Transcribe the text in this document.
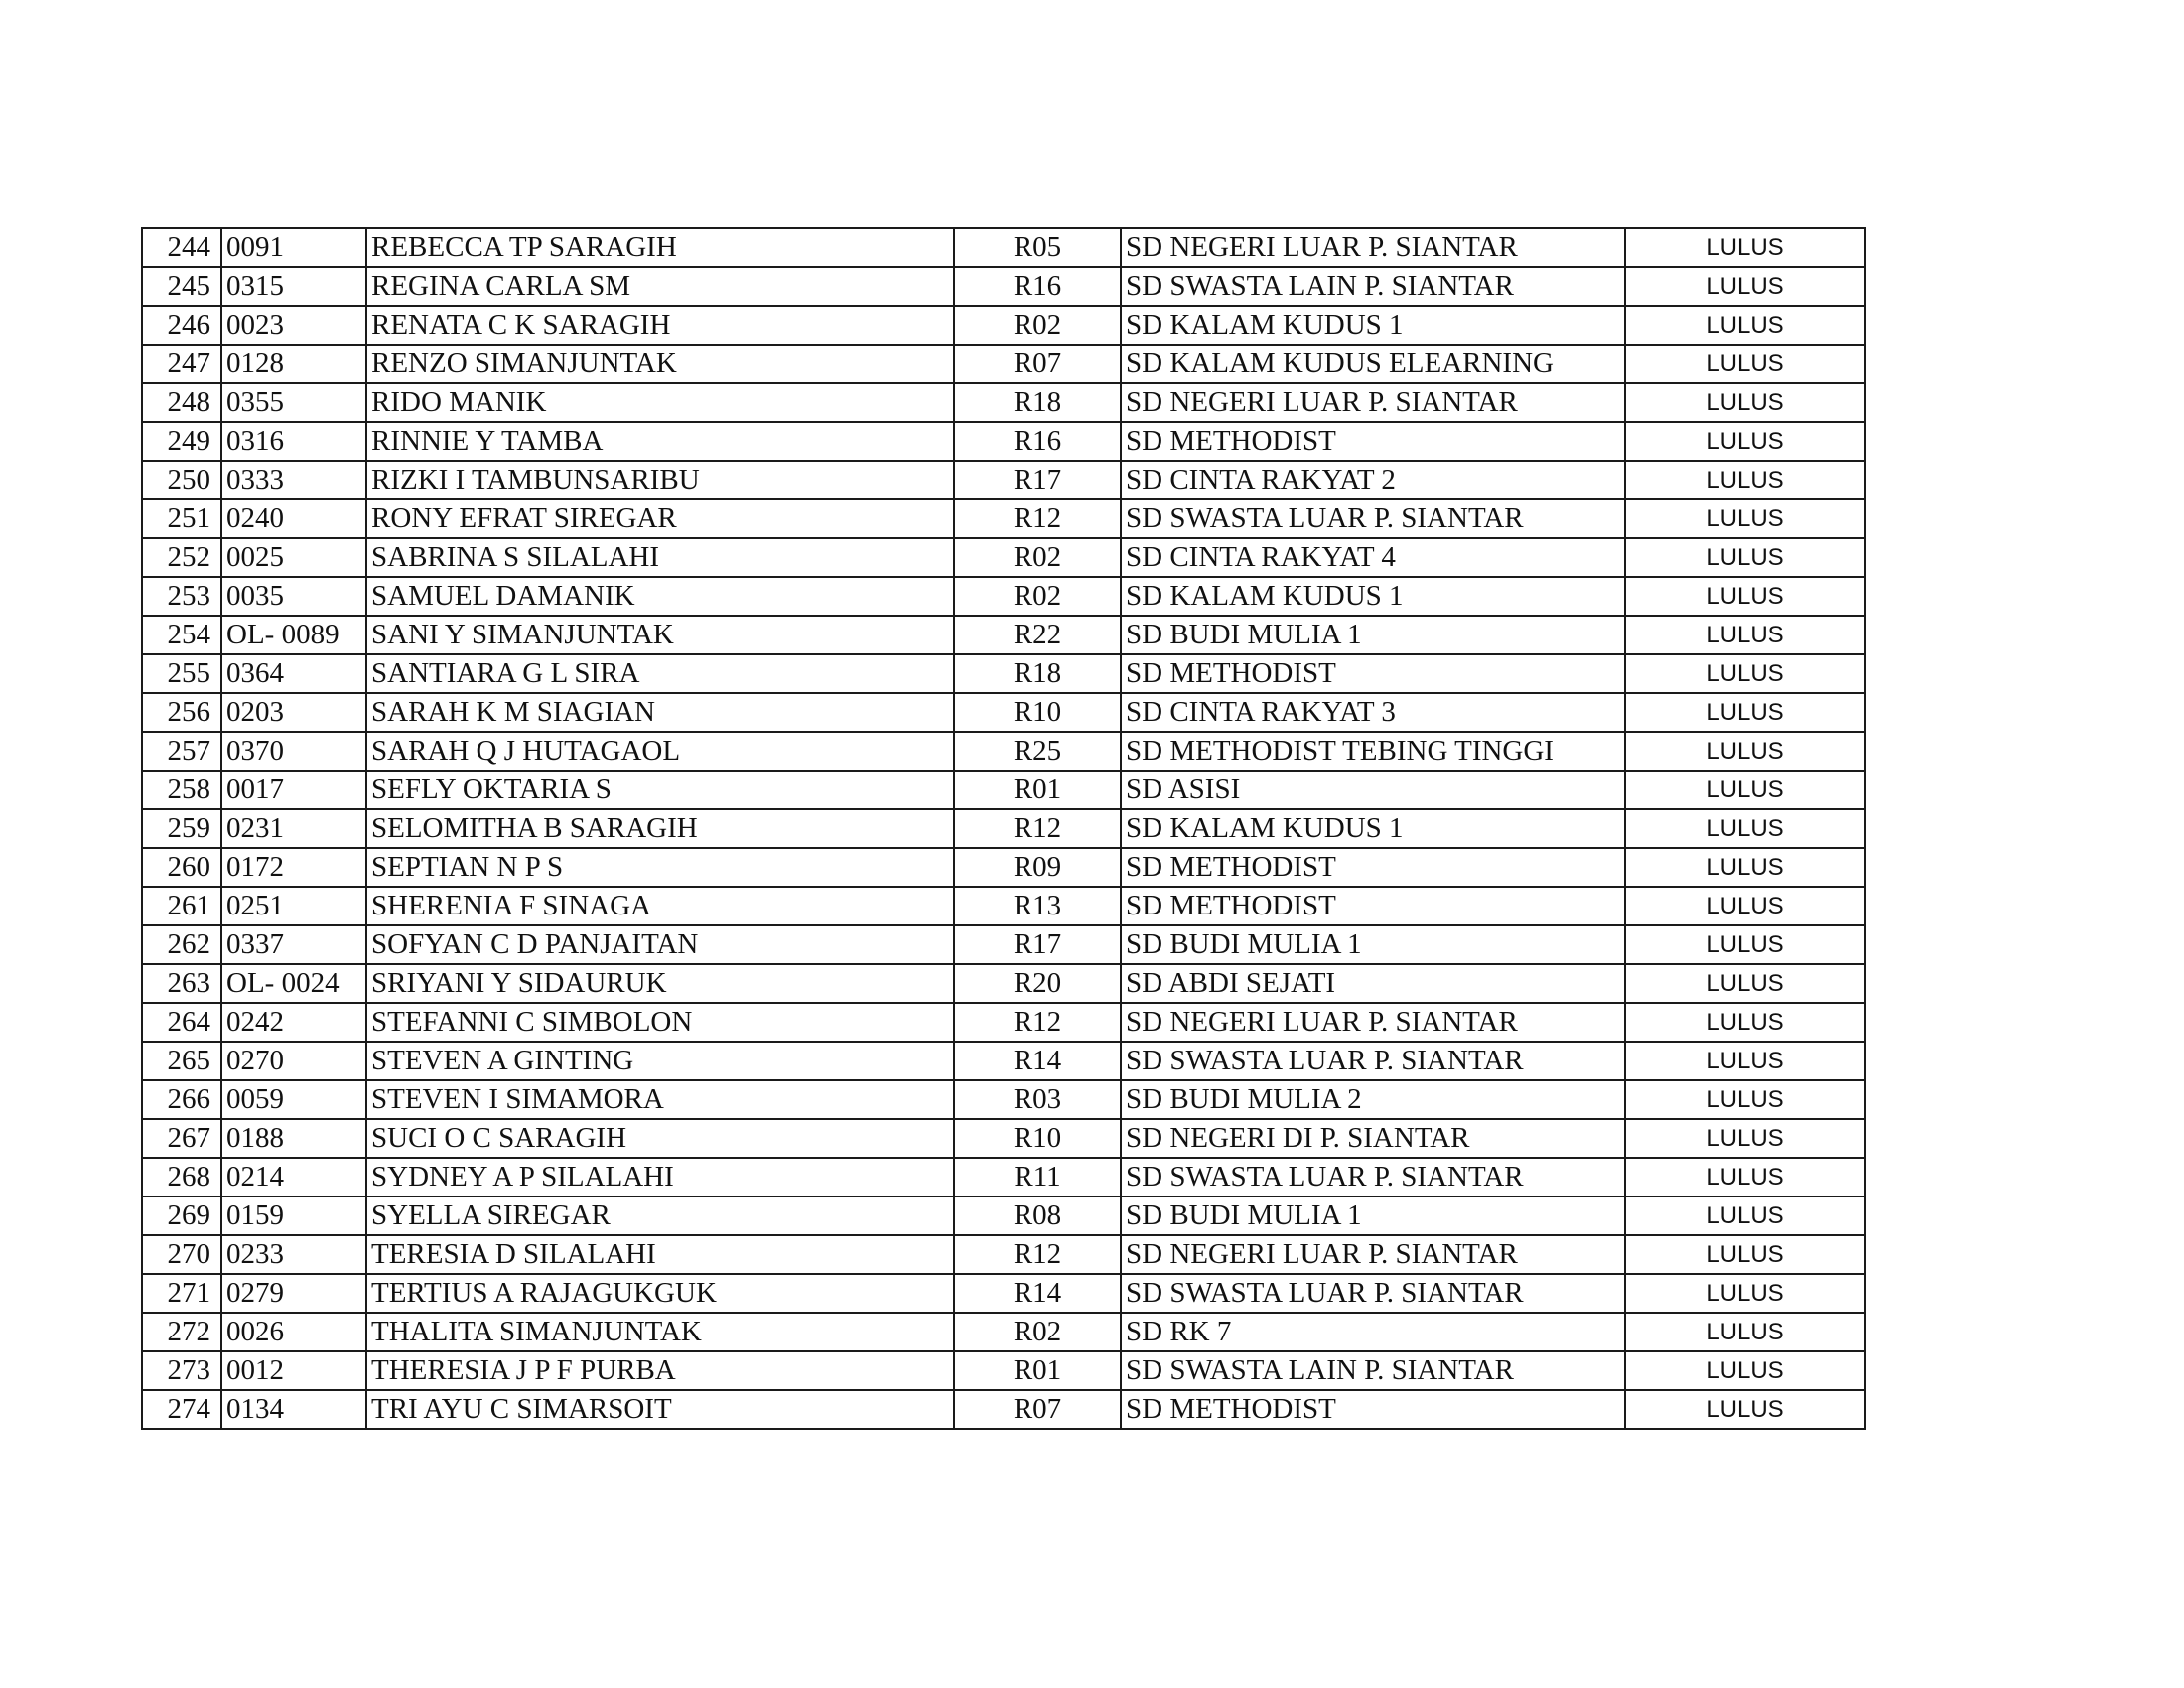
244	0091	REBECCA TP SARAGIH	R05	SD NEGERI LUAR P. SIANTAR	LULUS
245	0315	REGINA CARLA SM	R16	SD SWASTA LAIN P. SIANTAR	LULUS
246	0023	RENATA C K SARAGIH	R02	SD KALAM KUDUS 1	LULUS
247	0128	RENZO SIMANJUNTAK	R07	SD KALAM KUDUS ELEARNING	LULUS
248	0355	RIDO MANIK	R18	SD NEGERI LUAR P. SIANTAR	LULUS
249	0316	RINNIE Y TAMBA	R16	SD METHODIST	LULUS
250	0333	RIZKI I TAMBUNSARIBU	R17	SD CINTA RAKYAT 2	LULUS
251	0240	RONY EFRAT SIREGAR	R12	SD SWASTA LUAR P. SIANTAR	LULUS
252	0025	SABRINA S SILALAHI	R02	SD CINTA RAKYAT 4	LULUS
253	0035	SAMUEL DAMANIK	R02	SD KALAM KUDUS 1	LULUS
254	OL- 0089	SANI Y SIMANJUNTAK	R22	SD BUDI MULIA 1	LULUS
255	0364	SANTIARA G L SIRA	R18	SD METHODIST	LULUS
256	0203	SARAH K M SIAGIAN	R10	SD CINTA RAKYAT 3	LULUS
257	0370	SARAH Q J HUTAGAOL	R25	SD METHODIST TEBING TINGGI	LULUS
258	0017	SEFLY OKTARIA S	R01	SD ASISI	LULUS
259	0231	SELOMITHA B SARAGIH	R12	SD KALAM KUDUS 1	LULUS
260	0172	SEPTIAN N P S	R09	SD METHODIST	LULUS
261	0251	SHERENIA F SINAGA	R13	SD METHODIST	LULUS
262	0337	SOFYAN C D PANJAITAN	R17	SD BUDI MULIA 1	LULUS
263	OL- 0024	SRIYANI Y SIDAURUK	R20	SD ABDI SEJATI	LULUS
264	0242	STEFANNI C SIMBOLON	R12	SD NEGERI LUAR P. SIANTAR	LULUS
265	0270	STEVEN A GINTING	R14	SD SWASTA LUAR P. SIANTAR	LULUS
266	0059	STEVEN I SIMAMORA	R03	SD BUDI MULIA 2	LULUS
267	0188	SUCI O C SARAGIH	R10	SD NEGERI DI P. SIANTAR	LULUS
268	0214	SYDNEY A P SILALAHI	R11	SD SWASTA LUAR P. SIANTAR	LULUS
269	0159	SYELLA SIREGAR	R08	SD BUDI MULIA 1	LULUS
270	0233	TERESIA D SILALAHI	R12	SD NEGERI LUAR P. SIANTAR	LULUS
271	0279	TERTIUS A RAJAGUKGUK	R14	SD SWASTA LUAR P. SIANTAR	LULUS
272	0026	THALITA SIMANJUNTAK	R02	SD RK 7	LULUS
273	0012	THERESIA J P F PURBA	R01	SD SWASTA LAIN P. SIANTAR	LULUS
274	0134	TRI AYU C SIMARSOIT	R07	SD METHODIST	LULUS
